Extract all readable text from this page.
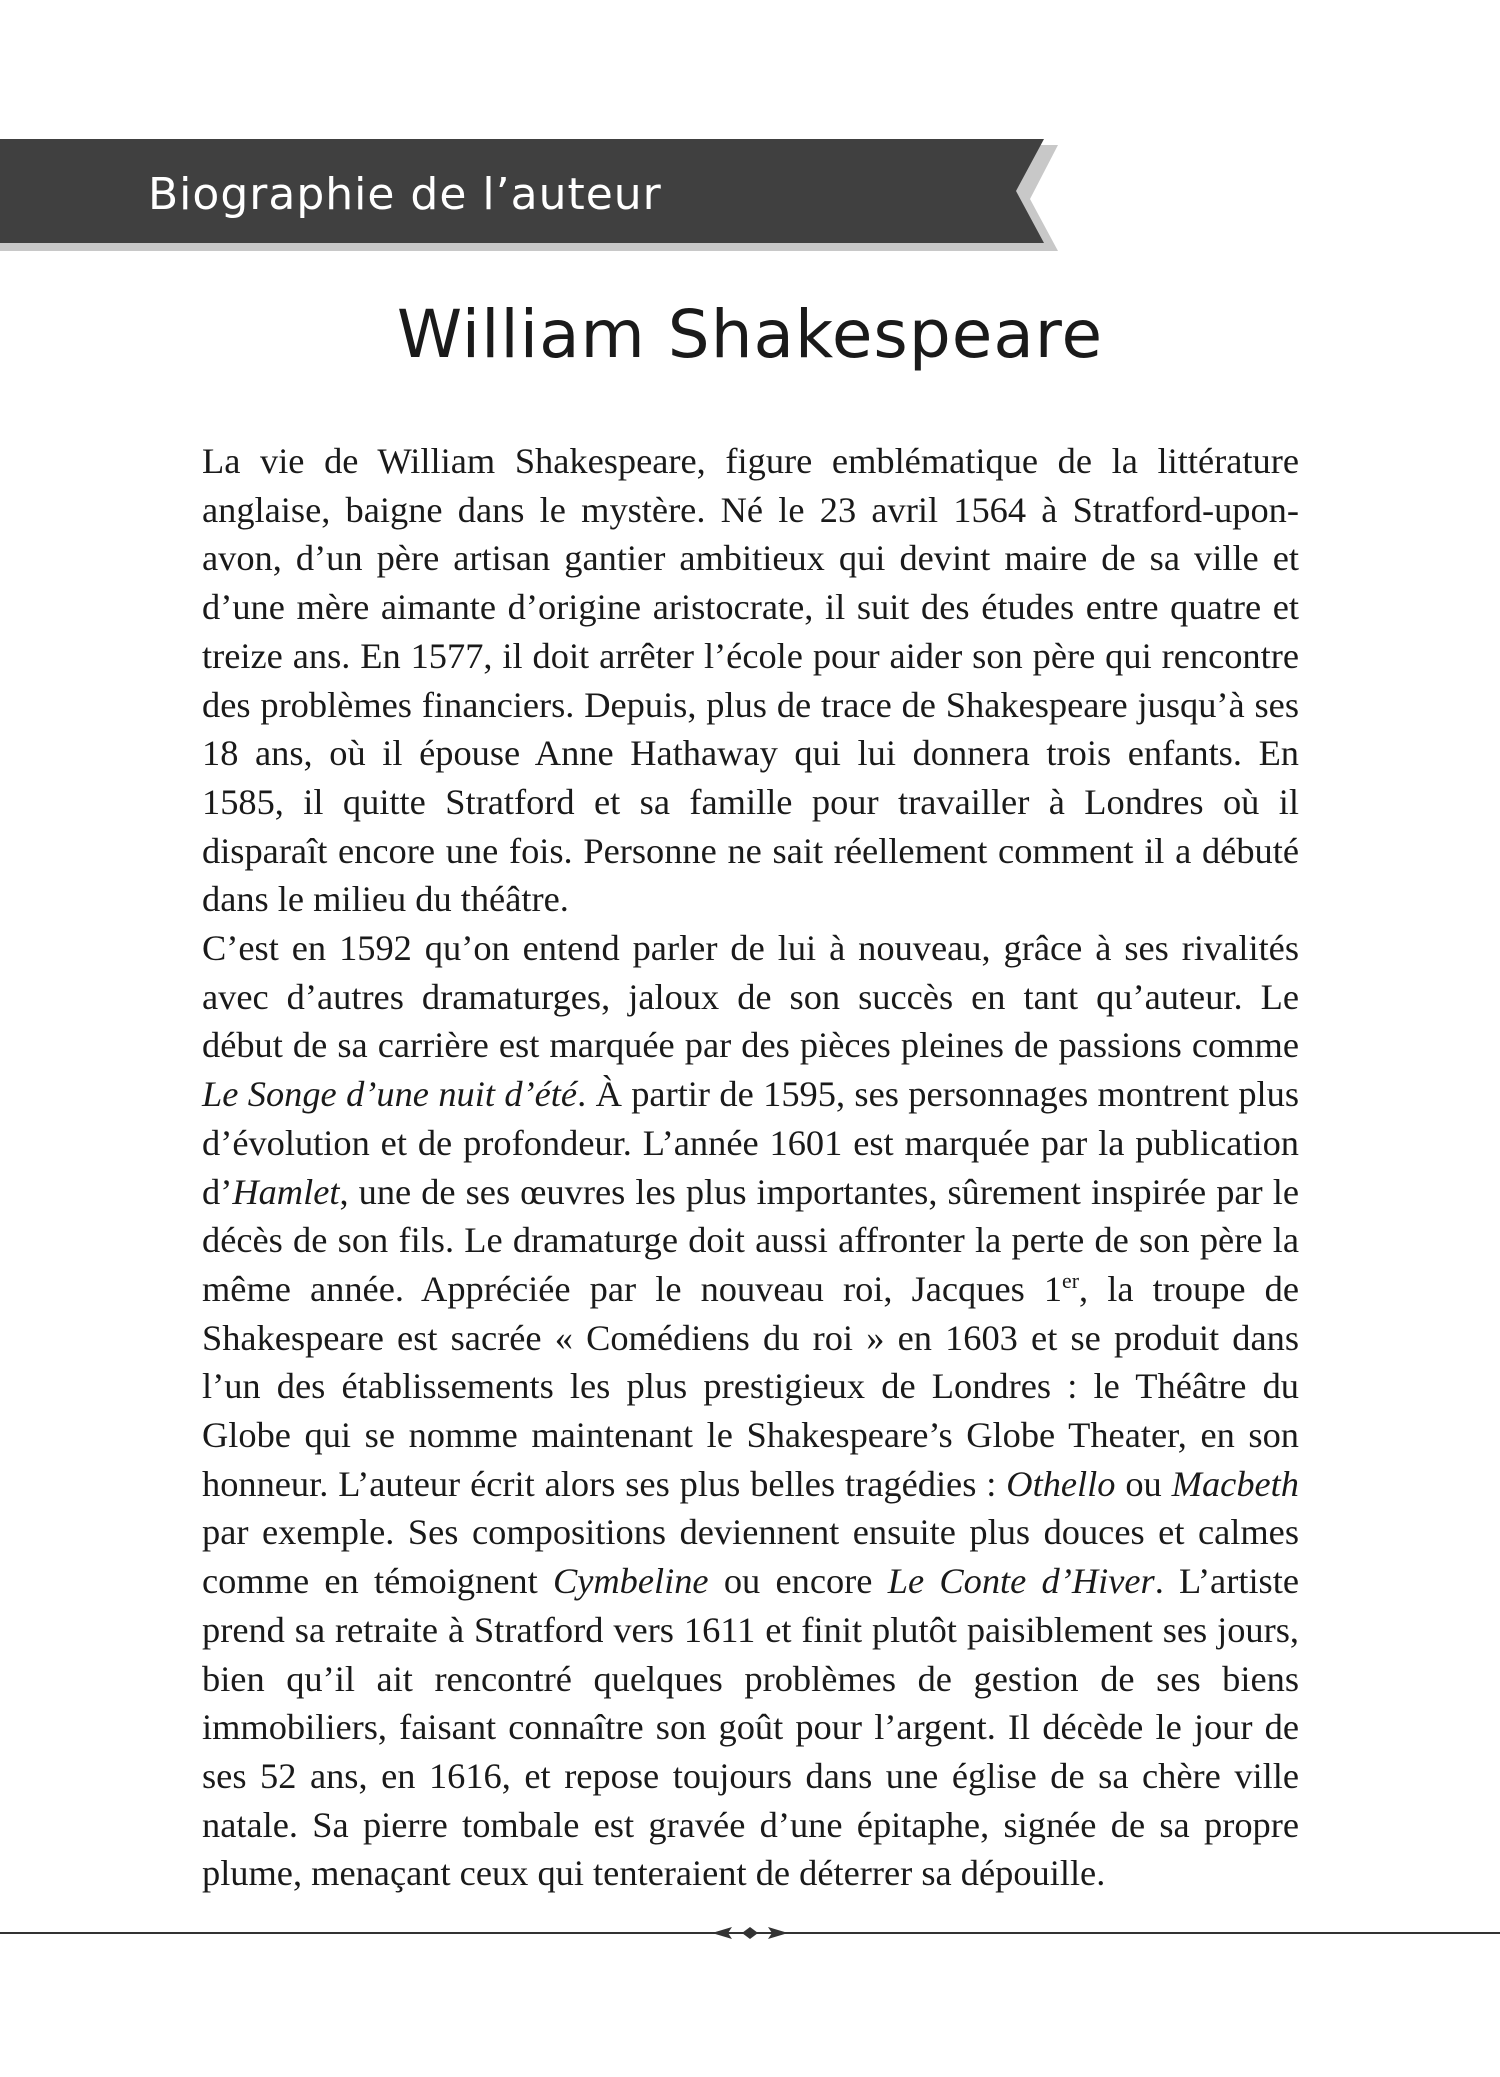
Biographie de l’auteur
William Shakespeare

La vie de William Shakespeare, figure emblématique de la littérature anglaise, baigne dans le mystère. Né le 23 avril 1564 à Stratford-upon-avon, d’un père artisan gantier ambitieux qui devint maire de sa ville et d’une mère aimante d’origine aristocrate, il suit des études entre quatre et treize ans. En 1577, il doit arrêter l’école pour aider son père qui rencontre des problèmes financiers. Depuis, plus de trace de Shakespeare jusqu’à ses 18 ans, où il épouse Anne Hathaway qui lui donnera trois enfants. En 1585, il quitte Stratford et sa famille pour travailler à Londres où il disparaît encore une fois. Personne ne sait réellement comment il a débuté dans le milieu du théâtre.

C’est en 1592 qu’on entend parler de lui à nouveau, grâce à ses rivalités avec d’autres dramaturges, jaloux de son succès en tant qu’auteur. Le début de sa carrière est marquée par des pièces pleines de passions comme Le Songe d’une nuit d’été. À partir de 1595, ses personnages montrent plus d’évolution et de profondeur. L’année 1601 est marquée par la publication d’Hamlet, une de ses œuvres les plus importantes, sûrement inspirée par le décès de son fils. Le dramaturge doit aussi affronter la perte de son père la même année. Appréciée par le nouveau roi, Jacques 1er, la troupe de Shakespeare est sacrée « Comédiens du roi » en 1603 et se produit dans l’un des établissements les plus prestigieux de Londres : le Théâtre du Globe qui se nomme maintenant le Shakespeare’s Globe Theater, en son honneur. L’auteur écrit alors ses plus belles tragédies : Othello ou Macbeth par exemple. Ses compositions deviennent ensuite plus douces et calmes comme en témoignent Cymbeline ou encore Le Conte d’Hiver. L’artiste prend sa retraite à Stratford vers 1611 et finit plutôt paisiblement ses jours, bien qu’il ait rencontré quelques problèmes de gestion de ses biens immobiliers, faisant connaître son goût pour l’argent. Il décède le jour de ses 52 ans, en 1616, et repose toujours dans une église de sa chère ville natale. Sa pierre tombale est gravée d’une épitaphe, signée de sa propre plume, menaçant ceux qui tenteraient de déterrer sa dépouille.
